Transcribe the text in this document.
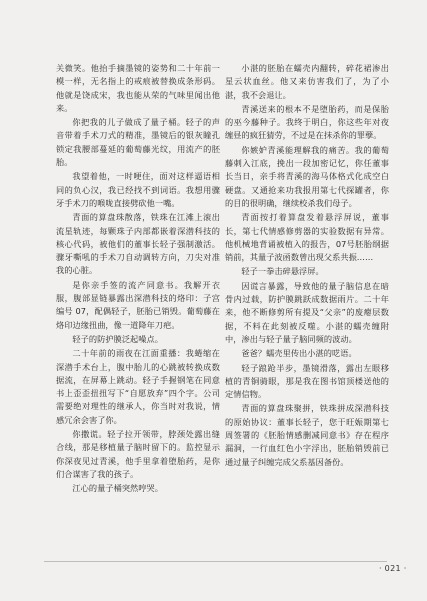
关微笑。他抬手摘墨镜的姿势和二十年前一模一样，无名指上的戒痕被替换成条形码。他就是饶成宋，我也能从荣的气味里闻出他来。

你把我的儿子做成了量子桶。轻子的声音带着手术刀式的精准，墨镜后的银灰瞳孔锁定我腰部蔓延的葡萄藤光纹，用流产的胚胎。

我望着他，一时哽住，面对这样逼语相同的负心汉，我已经找不到词语。我想用骤牙手术刀的喉咙直接劈砍他一嘴。

青面的算盘珠散落，铁珠在江滩上滚出流星轨迹，每颗珠子内部都嵌着深潜科技的核心代码，被他们的董事长轻子强制激活。骤牙嘶吼的手术刀自动调转方向，刀尖对准我的心脏。

是你亲手签的流产同意书。我解开衣服，腹部显链暴露出深潜科技的烙印：子宫编号 07，配偶轻子，胚胎已销毁。葡萄藤在烙印边缘扭曲，像一道降年刀疤。

轻子的防护膜泛起噪点。

二十年前的雨夜在江面重播：我蜷缩在深潜手术台上，腹中胎儿的心跳被转换成数据流，在屏幕上跳动。轻子手握钢笔在同意书上歪歪扭扭写下“自愿放弃”四个字。公司需要绝对理性的继承人，你当时对我说，情感冗余会害了你。

你撒谎。轻子拉开领带，脖颈处露出缝合线，那是移植量子脑时留下的。监控显示你深夜见过青溪，他手里拿着堕胎药，是你们合谋害了我的孩子。

江心的量子桶突然哼哭。

小湛的胚胎在蠕壳内翻转，碎花裙渗出星云状血丝。他又来仿害我们了，为了小湛，我不会退让。

青溪送来的根本不是堕胎药，而是保胎的巫今藤种子。我终于明白，你这些年对夜缠昼的疯狂猜劳，不过是在抹杀你的罪孽。

你嫉妒青溪能理解我的痛苦。我的葡萄藤刺入江底，挽出一段加密记忆，你任董事长当日，亲手将青溪的海马体格式化成空白硬盘。又通抢来功我报用第七代探罐者，你的目的很明确，继续校杀我们母子。

青面按打着算盘发着悬浮屏说，董事长，第七代情感修剪器的实验数据有异常。他机械地背诵被植入的报告，07号胚胎纲据销前，其量子波函数曾出现父系共振……

轻子一拳击碎悬浮屏。

因谎言暴露，导致他的量子脑信息在暗骨内过载，防护膜跳跃成数据雨片。二十年来，他不断修剪所有提及“父亲”的废瘪层数据，不料在此刻被反噬。小湛的蠕壳缠附中，渗出与轻子量子脑同频的波动。

爸爸？蠕壳里传出小湛的呓语。

轻子踉跄半步，墨镜滑落，露出左眼移植的青铜骑眼，那是我在图书馆顶楼送他的定情信物。

青面的算盘珠聚拼，铁珠拼成深潜科技的原始协议：董事长轻子，您于旺娠期第七周签署的《胚胎情感删减同意书》存在程序漏洞，一行血红色小字浮出，胚胎销毁前已通过量子纠缠完成父系基因备份。

· 021 ·
